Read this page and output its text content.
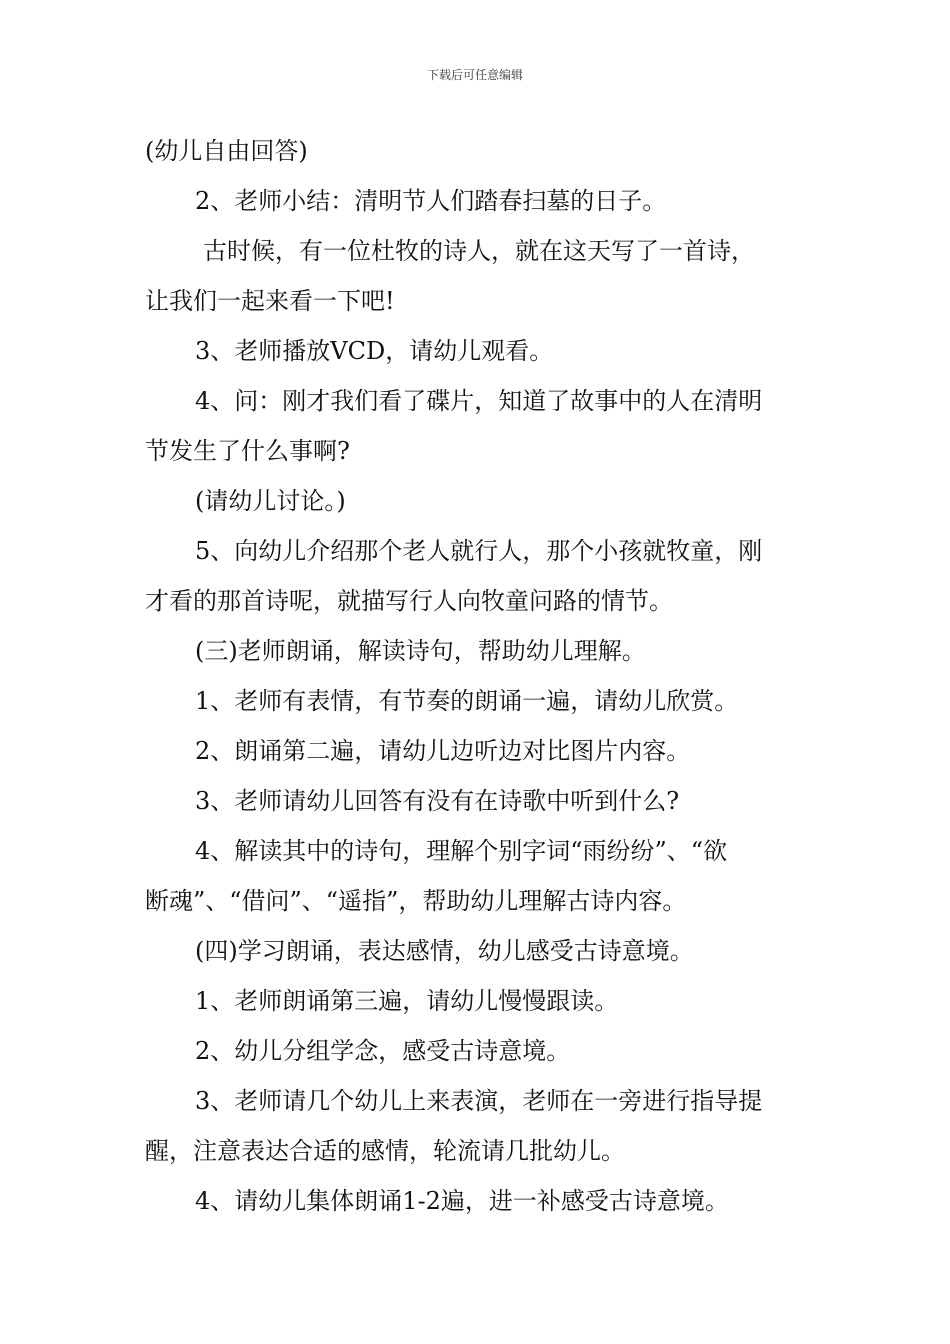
下载后可任意编辑

(幼儿自由回答)

2、老师小结：清明节人们踏春扫墓的日子。

古时候，有一位杜牧的诗人，就在这天写了一首诗，

让我们一起来看一下吧!

3、老师播放VCD，请幼儿观看。

4、问：刚才我们看了碟片，知道了故事中的人在清明

节发生了什么事啊?

(请幼儿讨论。)

5、向幼儿介绍那个老人就行人，那个小孩就牧童，刚

才看的那首诗呢，就描写行人向牧童问路的情节。

(三)老师朗诵，解读诗句，帮助幼儿理解。

1、老师有表情，有节奏的朗诵一遍，请幼儿欣赏。

2、朗诵第二遍，请幼儿边听边对比图片内容。

3、老师请幼儿回答有没有在诗歌中听到什么?

4、解读其中的诗句，理解个别字词“雨纷纷”、“欲

断魂”、“借问”、“遥指”，帮助幼儿理解古诗内容。

(四)学习朗诵，表达感情，幼儿感受古诗意境。

1、老师朗诵第三遍，请幼儿慢慢跟读。

2、幼儿分组学念，感受古诗意境。

3、老师请几个幼儿上来表演，老师在一旁进行指导提

醒，注意表达合适的感情，轮流请几批幼儿。

4、请幼儿集体朗诵1-2遍，进一补感受古诗意境。
